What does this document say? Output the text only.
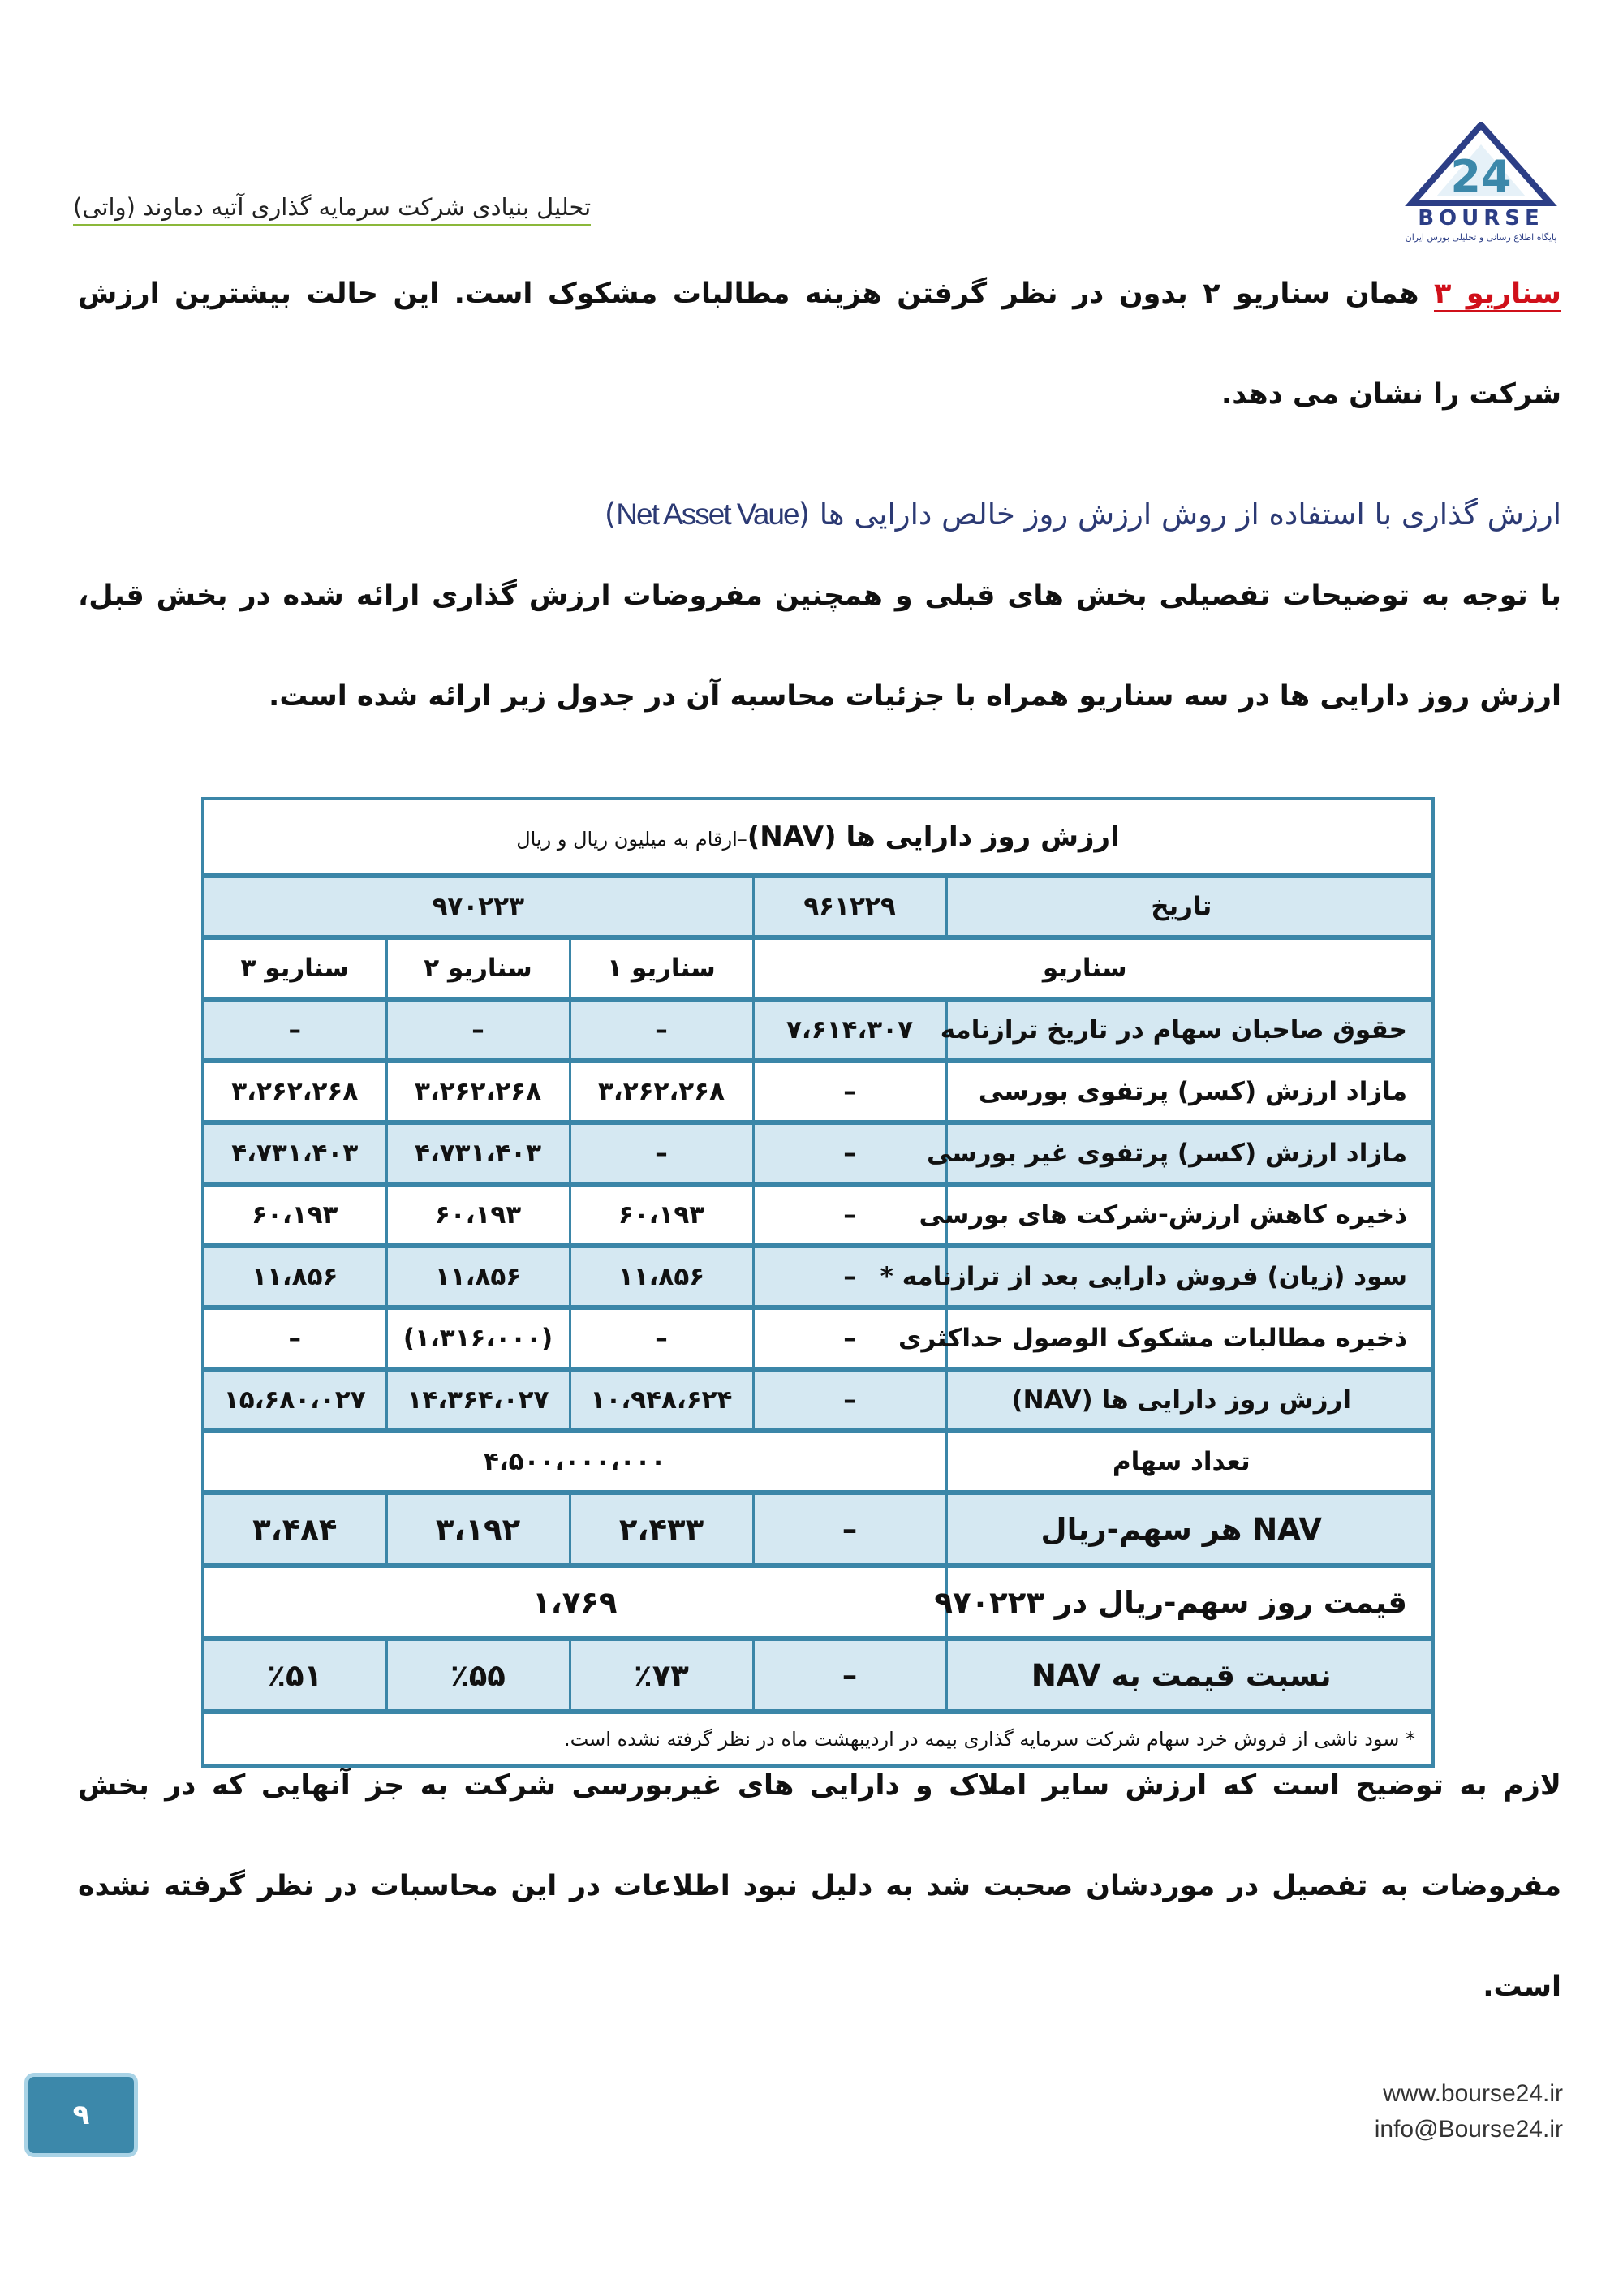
24
BOURSE
پایگاه اطلاع رسانی و تحلیلی بورس ایران
تحلیل بنیادی شرکت سرمایه گذاری آتیه دماوند (واتی)
سناریو ۳ همان سناریو ۲ بدون در نظر گرفتن هزینه مطالبات مشکوک است. این حالت بیشترین ارزش شرکت را نشان می دهد.
ارزش گذاری با استفاده از روش ارزش روز خالص دارایی ها (Net Asset Vaue)
با توجه به توضیحات تفصیلی بخش های قبلی و همچنین مفروضات ارزش گذاری ارائه شده در بخش قبل، ارزش روز دارایی ها در سه سناریو همراه با جزئیات محاسبه آن در جدول زیر ارائه شده است.
ارزش روز دارایی ها (NAV)–ارقام به میلیون ریال و ریال				
تاریخ	۹۶۱۲۲۹	۹۷۰۲۲۳		
سناریو		سناریو ۱	سناریو ۲	سناریو ۳
حقوق صاحبان سهام در تاریخ ترازنامه	۷،۶۱۴،۳۰۷	–	–	–
مازاد ارزش (کسر) پرتفوی بورسی	–	۳،۲۶۲،۲۶۸	۳،۲۶۲،۲۶۸	۳،۲۶۲،۲۶۸
مازاد ارزش (کسر) پرتفوی غیر بورسی	–	–	۴،۷۳۱،۴۰۳	۴،۷۳۱،۴۰۳
ذخیره کاهش ارزش-شرکت های بورسی	–	۶۰،۱۹۳	۶۰،۱۹۳	۶۰،۱۹۳
سود (زیان) فروش دارایی بعد از ترازنامه *	–	۱۱،۸۵۶	۱۱،۸۵۶	۱۱،۸۵۶
ذخیره مطالبات مشکوک الوصول حداکثری	–	–	(۱،۳۱۶،۰۰۰)	–
ارزش روز دارایی ها (NAV)	–	۱۰،۹۴۸،۶۲۴	۱۴،۳۶۴،۰۲۷	۱۵،۶۸۰،۰۲۷
تعداد سهام	۴،۵۰۰،۰۰۰،۰۰۰			
NAV هر سهم-ریال	–	۲،۴۳۳	۳،۱۹۲	۳،۴۸۴
قیمت روز سهم-ریال در ۹۷۰۲۲۳	۱،۷۶۹			
نسبت قیمت به NAV	–	٪۷۳	٪۵۵	٪۵۱
* سود ناشی از فروش خرد سهام شرکت سرمایه گذاری بیمه در اردیبهشت ماه در نظر گرفته نشده است.				
لازم به توضیح است که ارزش سایر املاک و دارایی های غیربورسی شرکت به جز آنهایی که در بخش مفروضات به تفصیل در موردشان صحبت شد به دلیل نبود اطلاعات در این محاسبات در نظر گرفته نشده است.
۹
www.bourse24.ir
info@Bourse24.ir
